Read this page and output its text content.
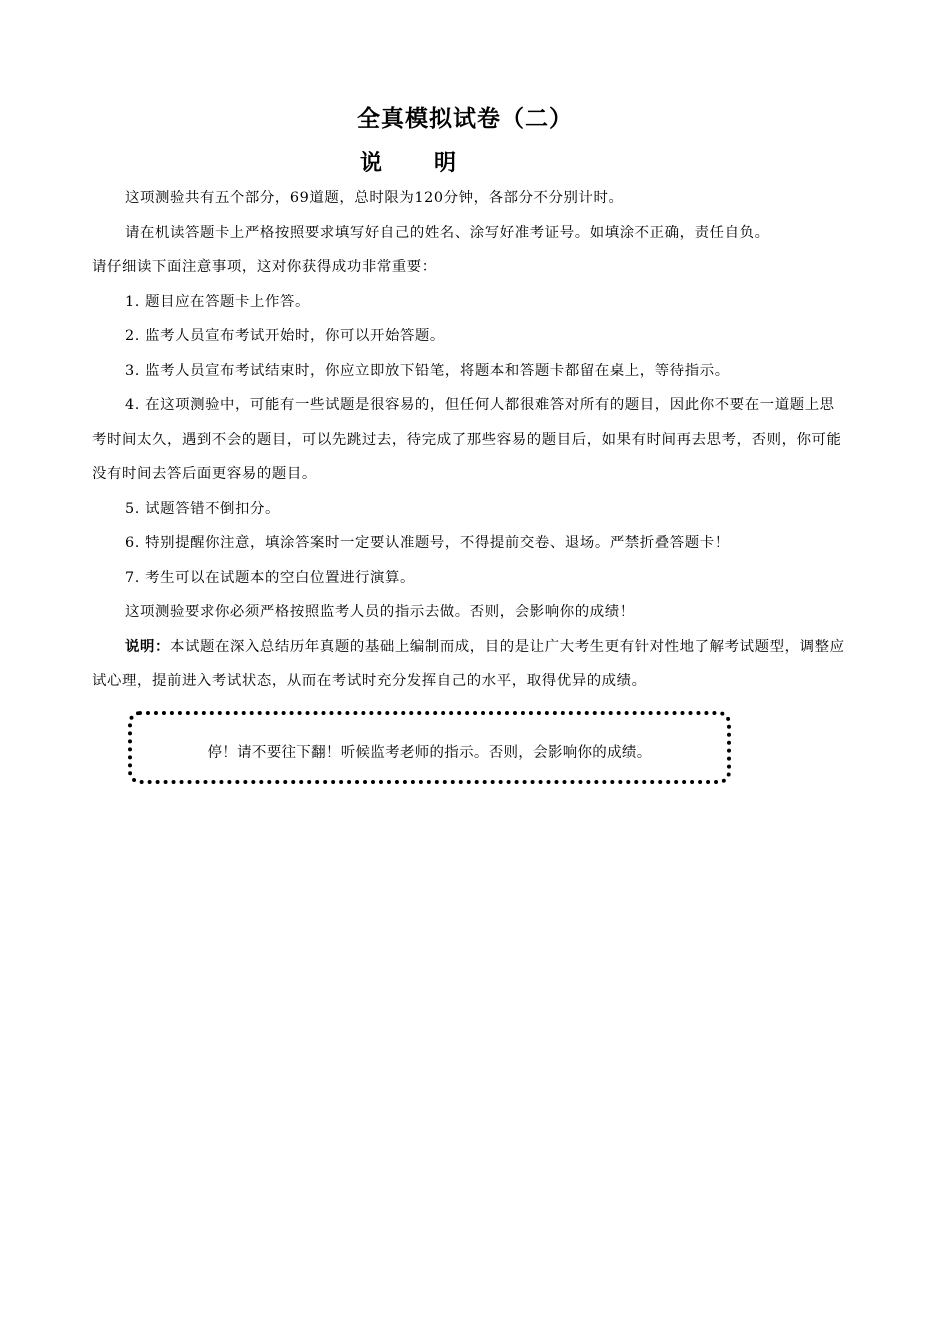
全真模拟试卷（二）
说 明

这项测验共有五个部分，69道题，总时限为120分钟，各部分不分别计时。

请在机读答题卡上严格按照要求填写好自己的姓名、涂写好准考证号。如填涂不正确，责任自负。

请仔细读下面注意事项，这对你获得成功非常重要：

1. 题目应在答题卡上作答。

2. 监考人员宣布考试开始时，你可以开始答题。

3. 监考人员宣布考试结束时，你应立即放下铅笔，将题本和答题卡都留在桌上，等待指示。

4. 在这项测验中，可能有一些试题是很容易的，但任何人都很难答对所有的题目，因此你不要在一道题上思考时间太久，遇到不会的题目，可以先跳过去，待完成了那些容易的题目后，如果有时间再去思考，否则，你可能没有时间去答后面更容易的题目。

5. 试题答错不倒扣分。

6. 特别提醒你注意，填涂答案时一定要认准题号，不得提前交卷、退场。严禁折叠答题卡！

7. 考生可以在试题本的空白位置进行演算。

这项测验要求你必须严格按照监考人员的指示去做。否则，会影响你的成绩！

说明：本试题在深入总结历年真题的基础上编制而成，目的是让广大考生更有针对性地了解考试题型，调整应试心理，提前进入考试状态，从而在考试时充分发挥自己的水平，取得优异的成绩。

停！请不要往下翻！听候监考老师的指示。否则，会影响你的成绩。
